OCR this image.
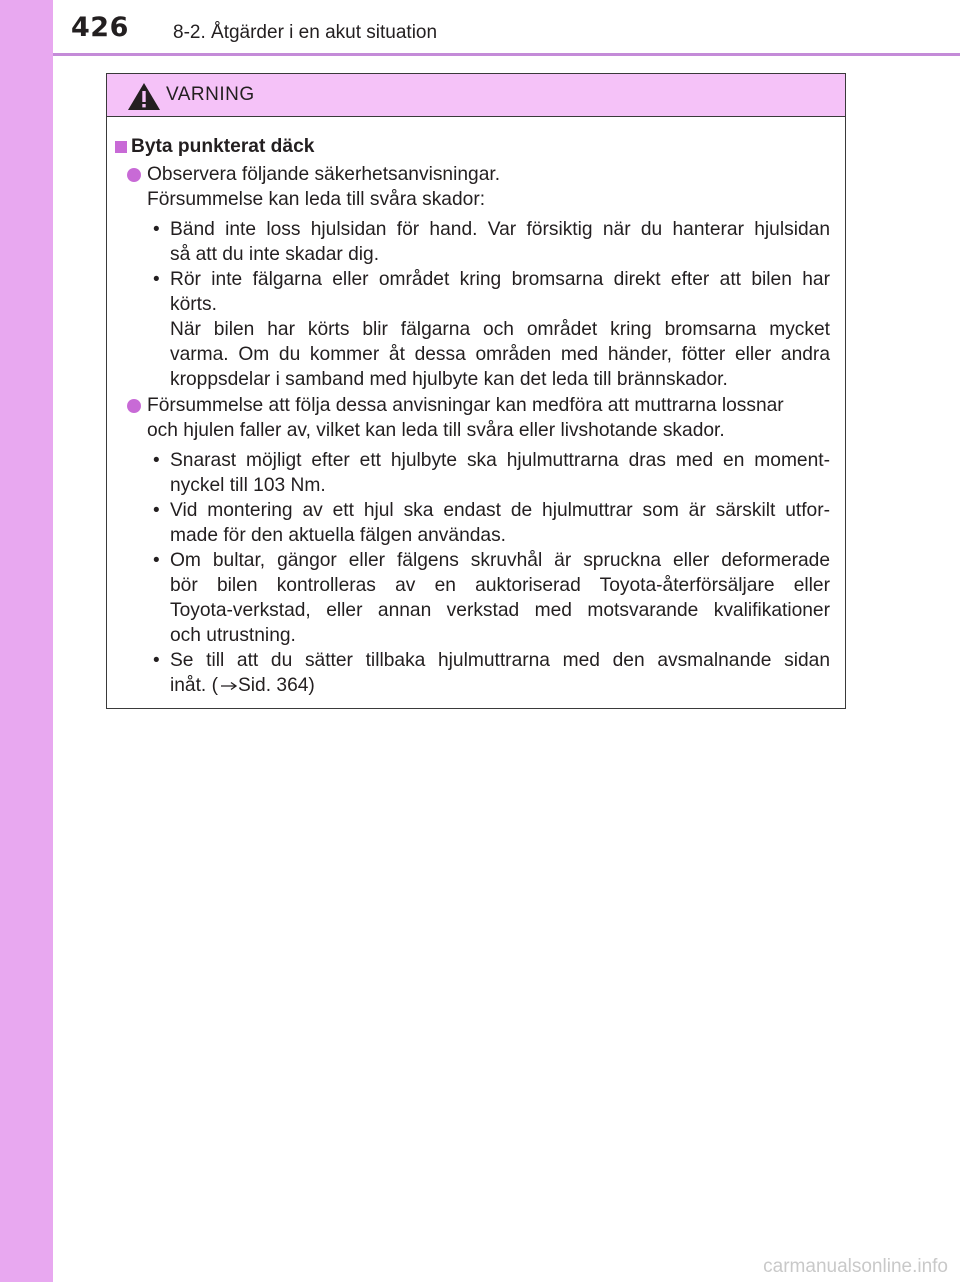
426 8-2. Åtgärder i en akut situation
VARNING
Byta punkterat däck
Observera följande säkerhetsanvisningar.
Försummelse kan leda till svåra skador:
• Bänd inte loss hjulsidan för hand. Var försiktig när du hanterar hjulsidan
så att du inte skadar dig.
• Rör inte fälgarna eller området kring bromsarna direkt efter att bilen har
körts.
När bilen har körts blir fälgarna och området kring bromsarna mycket
varma. Om du kommer åt dessa områden med händer, fötter eller andra
kroppsdelar i samband med hjulbyte kan det leda till brännskador.
Försummelse att följa dessa anvisningar kan medföra att muttrarna lossnar
och hjulen faller av, vilket kan leda till svåra eller livshotande skador.
• Snarast möjligt efter ett hjulbyte ska hjulmuttrarna dras med en moment-
nyckel till 103 Nm.
• Vid montering av ett hjul ska endast de hjulmuttrar som är särskilt utfor-
made för den aktuella fälgen användas.
• Om bultar, gängor eller fälgens skruvhål är spruckna eller deformerade
bör bilen kontrolleras av en auktoriserad Toyota-återförsäljare eller
Toyota-verkstad, eller annan verkstad med motsvarande kvalifikationer
och utrustning.
• Se till att du sätter tillbaka hjulmuttrarna med den avsmalnande sidan
inåt. ( Sid. 364)
carmanualsonline.info
